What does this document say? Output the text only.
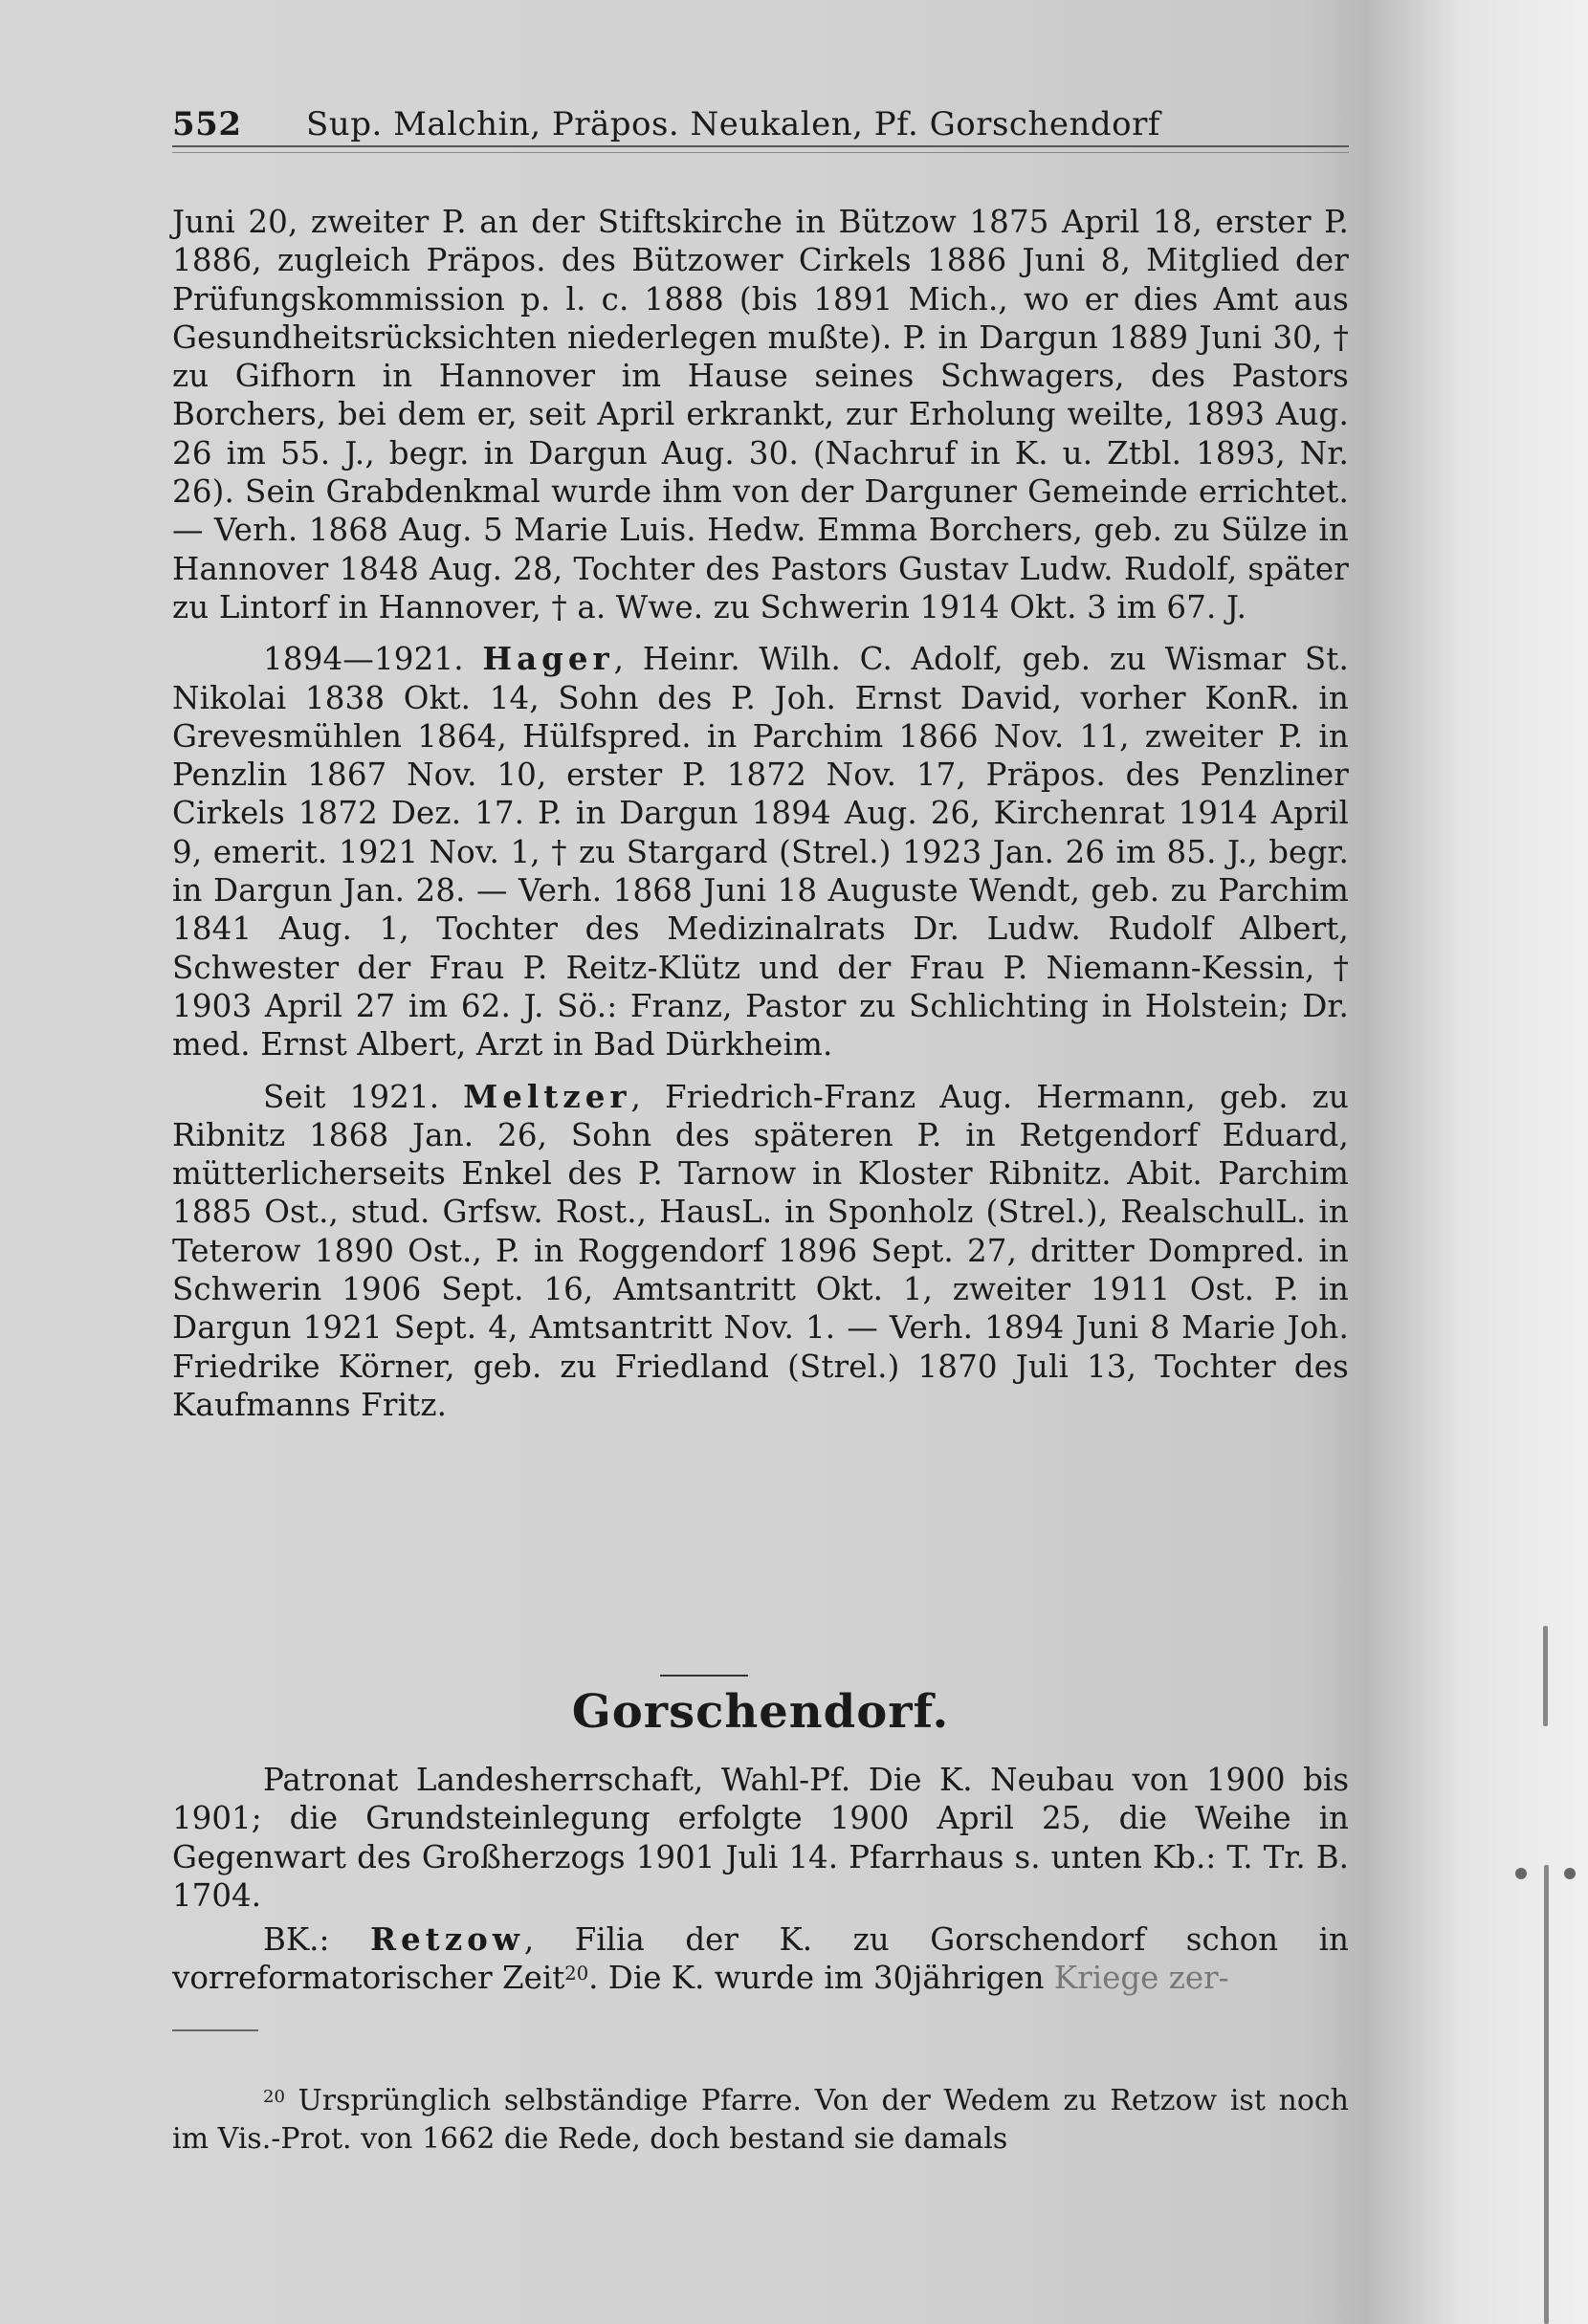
552 Sup. Malchin, Präpos. Neukalen, Pf. Gorschendorf

Juni 20, zweiter P. an der Stiftskirche in Bützow 1875 April 18, erster P. 1886, zugleich Präpos. des Bützower Cirkels 1886 Juni 8, Mitglied der Prüfungskommission p. l. c. 1888 (bis 1891 Mich., wo er dies Amt aus Gesundheitsrücksichten niederlegen mußte). P. in Dargun 1889 Juni 30, † zu Gifhorn in Hannover im Hause seines Schwagers, des Pastors Borchers, bei dem er, seit April erkrankt, zur Erholung weilte, 1893 Aug. 26 im 55. J., begr. in Dargun Aug. 30. (Nachruf in K. u. Ztbl. 1893, Nr. 26). Sein Grabdenkmal wurde ihm von der Darguner Gemeinde errichtet. — Verh. 1868 Aug. 5 Marie Luis. Hedw. Emma Borchers, geb. zu Sülze in Hannover 1848 Aug. 28, Tochter des Pastors Gustav Ludw. Rudolf, später zu Lintorf in Hannover, † a. Wwe. zu Schwerin 1914 Okt. 3 im 67. J.

1894—1921. Hager, Heinr. Wilh. C. Adolf, geb. zu Wismar St. Nikolai 1838 Okt. 14, Sohn des P. Joh. Ernst David, vorher KonR. in Grevesmühlen 1864, Hülfspred. in Parchim 1866 Nov. 11, zweiter P. in Penzlin 1867 Nov. 10, erster P. 1872 Nov. 17, Präpos. des Penzliner Cirkels 1872 Dez. 17. P. in Dargun 1894 Aug. 26, Kirchenrat 1914 April 9, emerit. 1921 Nov. 1, † zu Stargard (Strel.) 1923 Jan. 26 im 85. J., begr. in Dargun Jan. 28. — Verh. 1868 Juni 18 Auguste Wendt, geb. zu Parchim 1841 Aug. 1, Tochter des Medizinalrats Dr. Ludw. Rudolf Albert, Schwester der Frau P. Reitz-Klütz und der Frau P. Niemann-Kessin, † 1903 April 27 im 62. J. Sö.: Franz, Pastor zu Schlichting in Holstein; Dr. med. Ernst Albert, Arzt in Bad Dürkheim.

Seit 1921. Meltzer, Friedrich-Franz Aug. Hermann, geb. zu Ribnitz 1868 Jan. 26, Sohn des späteren P. in Retgendorf Eduard, mütterlicherseits Enkel des P. Tarnow in Kloster Ribnitz. Abit. Parchim 1885 Ost., stud. Grfsw. Rost., HausL. in Sponholz (Strel.), RealschulL. in Teterow 1890 Ost., P. in Roggendorf 1896 Sept. 27, dritter Dompred. in Schwerin 1906 Sept. 16, Amtsantritt Okt. 1, zweiter 1911 Ost. P. in Dargun 1921 Sept. 4, Amtsantritt Nov. 1. — Verh. 1894 Juni 8 Marie Joh. Friedrike Körner, geb. zu Friedland (Strel.) 1870 Juli 13, Tochter des Kaufmanns Fritz.

Gorschendorf.

Patronat Landesherrschaft, Wahl-Pf. Die K. Neubau von 1900 bis 1901; die Grundsteinlegung erfolgte 1900 April 25, die Weihe in Gegenwart des Großherzogs 1901 Juli 14. Pfarrhaus s. unten Kb.: T. Tr. B. 1704.

BK.: Retzow, Filia der K. zu Gorschendorf schon in vorreformatorischer Zeit$^{20}$. Die K. wurde im 30jährigen Kriege zer-

$^{20}$ Ursprünglich selbständige Pfarre. Von der Wedem zu Retzow ist noch im Vis.-Prot. von 1662 die Rede, doch bestand sie damals
